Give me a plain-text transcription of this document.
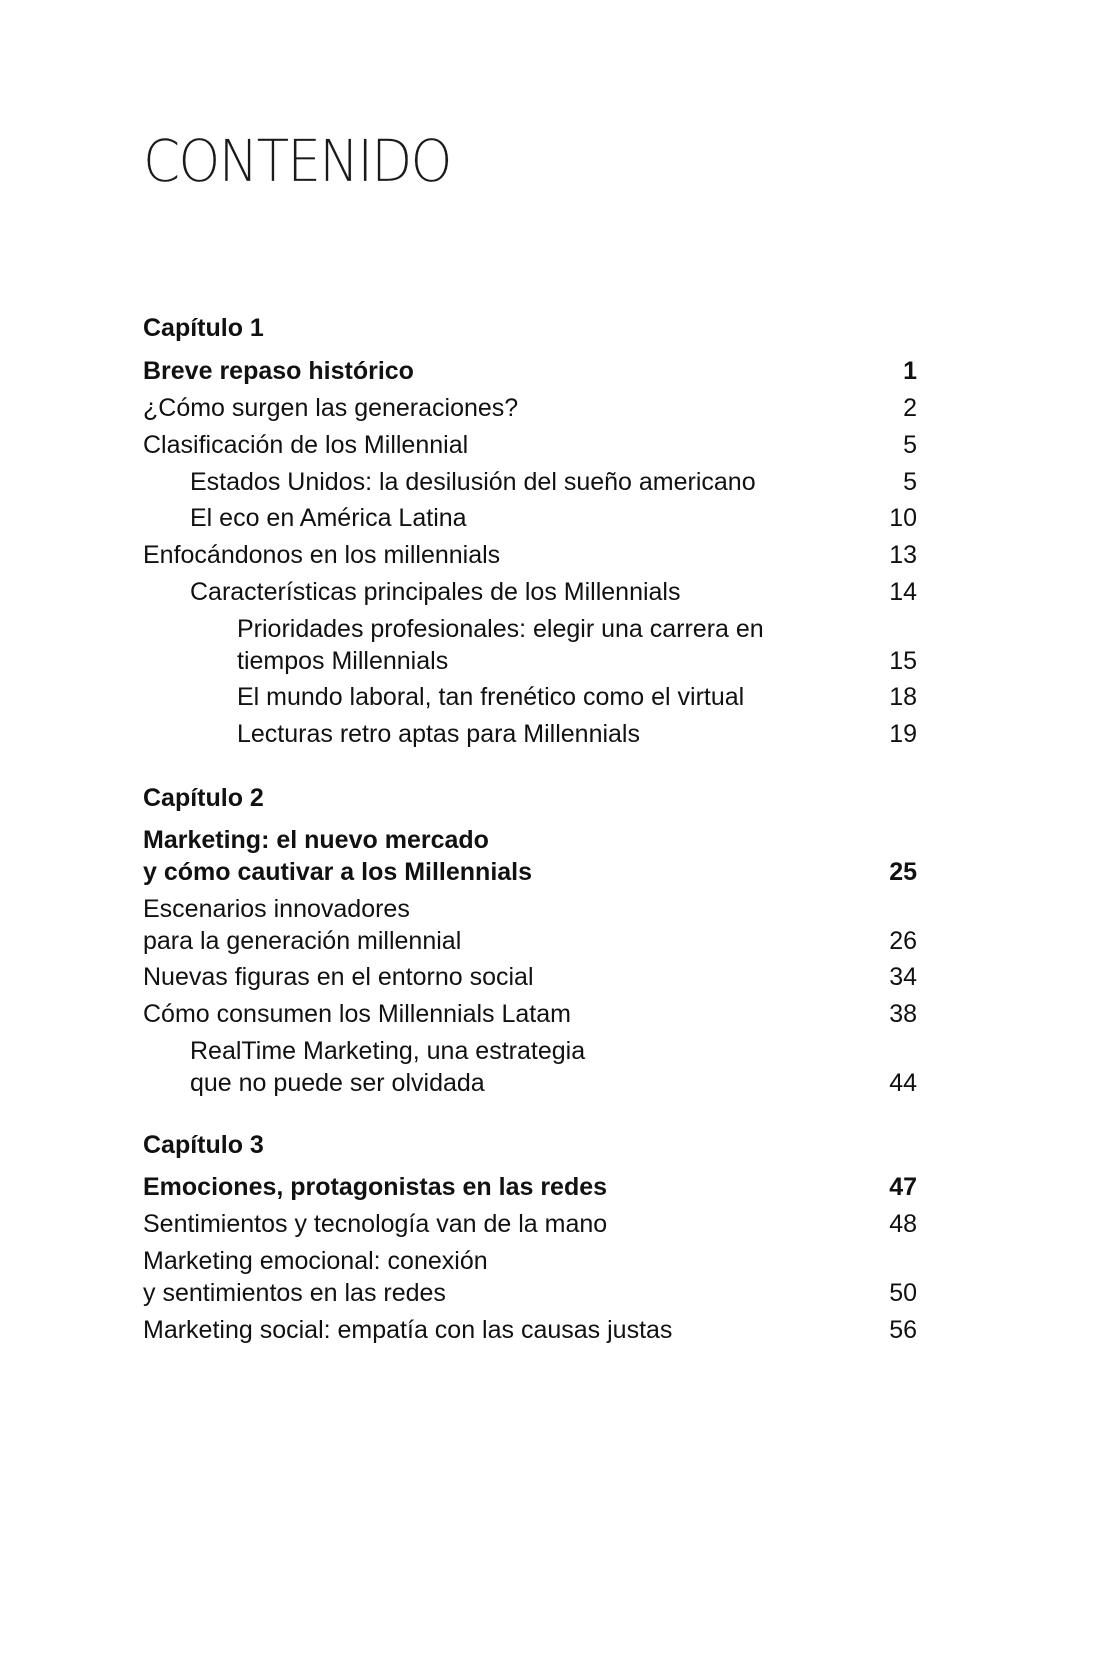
CONTENIDO
Capítulo 1
Breve repaso histórico	1
¿Cómo surgen las generaciones?	2
Clasificación de los Millennial	5
Estados Unidos: la desilusión del sueño americano	5
El eco en América Latina	10
Enfocándonos en los millennials	13
Características principales de los Millennials	14
Prioridades profesionales: elegir una carrera en
tiempos Millennials	15
El mundo laboral, tan frenético como el virtual	18
Lecturas retro aptas para Millennials	19
Capítulo 2
Marketing: el nuevo mercado
y cómo cautivar a los Millennials	25
Escenarios innovadores
para la generación millennial	26
Nuevas figuras en el entorno social	34
Cómo consumen los Millennials Latam	38
RealTime Marketing, una estrategia
que no puede ser olvidada	44
Capítulo 3
Emociones, protagonistas en las redes	47
Sentimientos y tecnología van de la mano	48
Marketing emocional: conexión
y sentimientos en las redes	50
Marketing social: empatía con las causas justas	56
